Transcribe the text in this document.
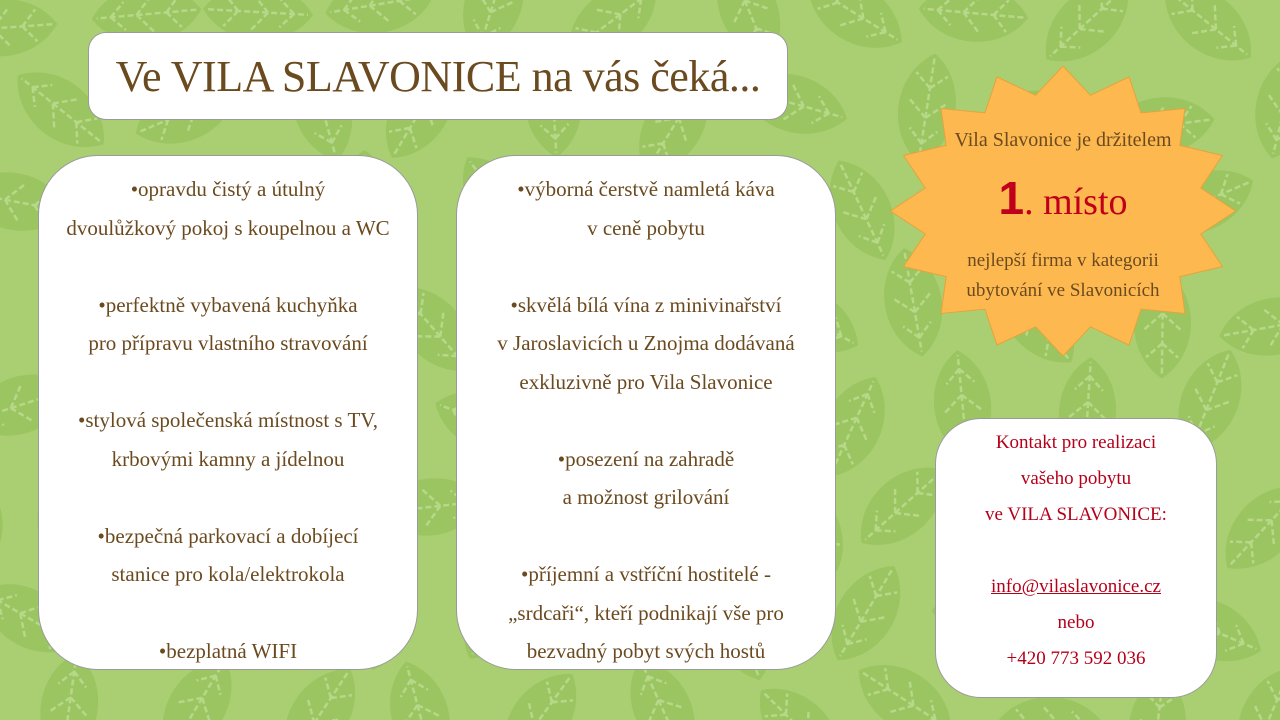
Ve VILA SLAVONICE na vás čeká...
•opravdu čistý a útulný
dvoulůžkový pokoj s koupelnou a WC
•perfektně vybavená kuchyňka
pro přípravu vlastního stravování
•stylová společenská místnost s TV,
krbovými kamny a jídelnou
•bezpečná parkovací a dobíjecí
stanice pro kola/elektrokola
•bezplatná WIFI
•výborná čerstvě namletá káva
v ceně pobytu
•skvělá bílá vína z minivinařství
v Jaroslavicích u Znojma dodávaná
exkluzivně pro Vila Slavonice
•posezení na zahradě
a možnost grilování
•příjemní a vstříční hostitelé -
„srdcaři“, kteří podnikají vše pro
bezvadný pobyt svých hostů
Vila Slavonice je držitelem
1. místo
nejlepší firma v kategorii
ubytování ve Slavonicích
Kontakt pro realizaci
vašeho pobytu
ve VILA SLAVONICE:

info@vilaslavonice.cz
nebo
+420 773 592 036
